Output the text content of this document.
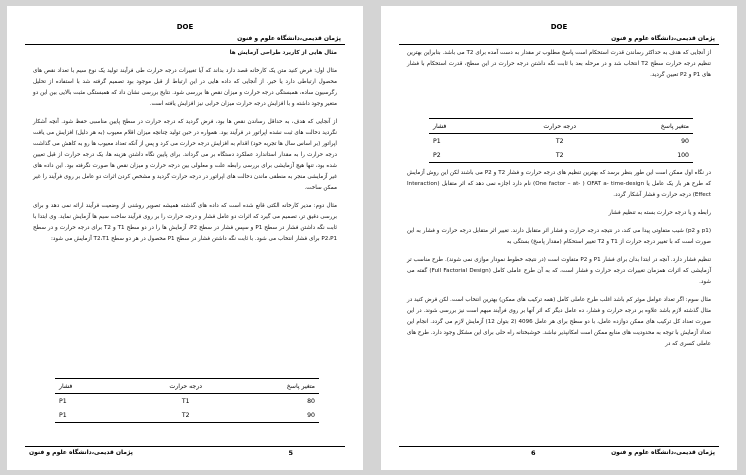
DOE
پژمان قدیمی،دانشگاه علوم و فنون

مثال هایی از کاربرد طراحی آزمایش ها

مثال اول: فرض کنید متن یک کارخانه قصد دارد بداند که آیا تغییرات درجه حرارت طی فرآیند تولید یک نوع سیم با تعداد نقص های محصول ارتباطی دارد یا خیر. از آنجایی که داده هایی در این ارتباط از قبل موجود بود تصمیم گرفته شد با استفاده از تحلیل رگرسیون ساده، همبستگی درجه حرارت و میزان نقص ها بررسی شود. نتایج بررسی نشان داد که همبستگی مثبت بالایی بین این دو متغیر وجود داشته و با افزایش درجه حرارت میزان خرابی نیز افزایش یافته است.

از آنجایی که هدف، به حداقل رساندن نقص ها بود، فرض گردید که درجه حرارت در سطح پایین مناسبی حفظ شود. آنچه آشکار نگردید دخالت های ثبت نشده اپراتور در فرآیند بود. همواره در حین تولید چنانچه میزان اقلام معیوب (به هر دلیل) افزایش می یافت اپراتور (بر اساس سال ها تجربه خود) اقدام به افزایش درجه حرارت می کرد و پس از آنکه تعداد معیوب ها رو به کاهش می گذاشت درجه حرارت را به مقدار استاندارد عملکرد دستگاه بر می گرداند. برای پایین نگاه داشتن هزینه ها، یک درجه حرارت از قبل تعیین شده بود، تنها هیچ آزمایشی برای بررسی رابطه علت و معلولی بین درجه حرارت و میزان نقص ها صورت نگرفته بود. این داده های غیر آزمایشی منجر به منطقی ماندن دخالت های اپراتور در درجه حرارت گردید و مشخص کردن اثرات دو عامل بر روی فرآیند را غیر ممکن ساخت.

مثال دوم: مدیر کارخانه الکتی قانع شده است که داده های گذشته همیشه تصویر روشنی از وضعیت فرآیند ارائه نمی دهد و برای بررسی دقیق تر، تصمیم می گیرد که اثرات دو عامل فشار و درجه حرارت را بر روی فرآیند ساخت سیم ها آزمایش نماید. وی ابتدا با ثابت نگه داشتن فشار در سطح P1 و سپس فشار در سطح P2، آزمایش ها را در دو سطح T1 و T2 برای درجه حرارت و در سطح P2،P1 برای فشار انتخاب می شود. با ثابت نگه داشتن فشار در سطح P1 محصول در هر دو سطح T2،T1 آزمایش می شود:

متغیر پاسخ	درجه حرارت	فشار
80	T1	P1
90	T2	P1
پژمان قدیمی،دانشگاه علوم و فنون	5
DOE
پژمان قدیمی،دانشگاه علوم و فنون

از آنجایی که هدف به حداکثر رساندن قدرت استحکام است پاسخ مطلوب تر مقدار به دست آمده برای T2 می باشد. بنابراین بهترین تنظیم درجه حرارت سطح T2 انتخاب شد و در مرحله بعد با ثابت نگه داشتن درجه حرارت در این سطح، قدرت استحکام با فشار های P1 و P2 تعیین گردید.

متغیر پاسخ	درجه حرارت	فشار
90	T2	P1
100	T2	P2

در نگاه اول ممکن است این طور بنظر برسد که بهترین تنظیم های درجه حرارت و فشار T2 و P2 می باشند لکن این روش آزمایش که طرح هر بار یک عامل یا One factor – at- ) OFAT a- time-design) نام دارد اجازه نمی دهد که اثر متقابل (Interaction Effect) درجه حرارت و فشار آشکار گردد.

رابطه و یا درجه حرارت بسته به تنظیم فشار

(p1 و p2) شیب متفاوتی پیدا می کند، در نتیجه درجه حرارت و فشار اثر متقابل دارند. تغییر اثر متقابل درجه حرارت و فشار به این صورت است که با تغییر درجه حرارت از T1 و T2 تغییر استحکام (مقدار پاسخ) بستگی به

تنظیم فشار دارد. آنچه در ابتدا بدان برای فشار P1 و P2 متفاوت است (در نتیجه خطوط نمودار موازی نمی شوند). طرح مناسب تر آزمایشی که اثرات همزمان تغییرات درجه حرارت و فشار است، که به آن طرح عاملی کامل (Full Factorial Design) گفته می شود.

مثال سوم: اگر تعداد عوامل موثر کم باشد اغلب طرح عاملی کامل (همه ترکیب های ممکن) بهترین انتخاب است. لکن فرض کنید در مثال گذشته لازم باشد علاوه بر درجه حرارت و فشار، ده عامل دیگر که اثر آنها بر روی فرآیند مبهم است نیز بررسی شوند. در این صورت تعداد کل ترکیب های ممکن دوازده عامل، با دو سطح برای هر عامل 4096 (2 بتوان 12) آزمایش لازم می گردد. انجام این تعداد آزمایش با توجه به محدودیت های منابع ممکن است امکانپذیر نباشد. خوشبختانه راه حلی برای این مشکل وجود دارد. طرح های عاملی کسری که در

6	پژمان قدیمی،دانشگاه علوم و فنون
